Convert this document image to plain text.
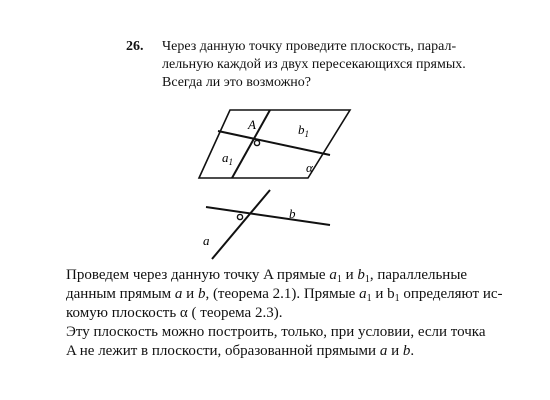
26. Через данную точку проведите плоскость, парал-
лельную каждой из двух пересекающихся прямых.
Всегда ли это возможно?
A
$a_1$
$b_1$
α
b
a
Проведем через данную точку A прямые $a_1$ и $b_1$, параллельные
данным прямым a и b, (теорема 2.1). Прямые $a_1$ и $b_1$ определяют ис-
комую плоскость α ( теорема 2.3).
Эту плоскость можно построить, только, при условии, если точка
A не лежит в плоскости, образованной прямыми a и b.
